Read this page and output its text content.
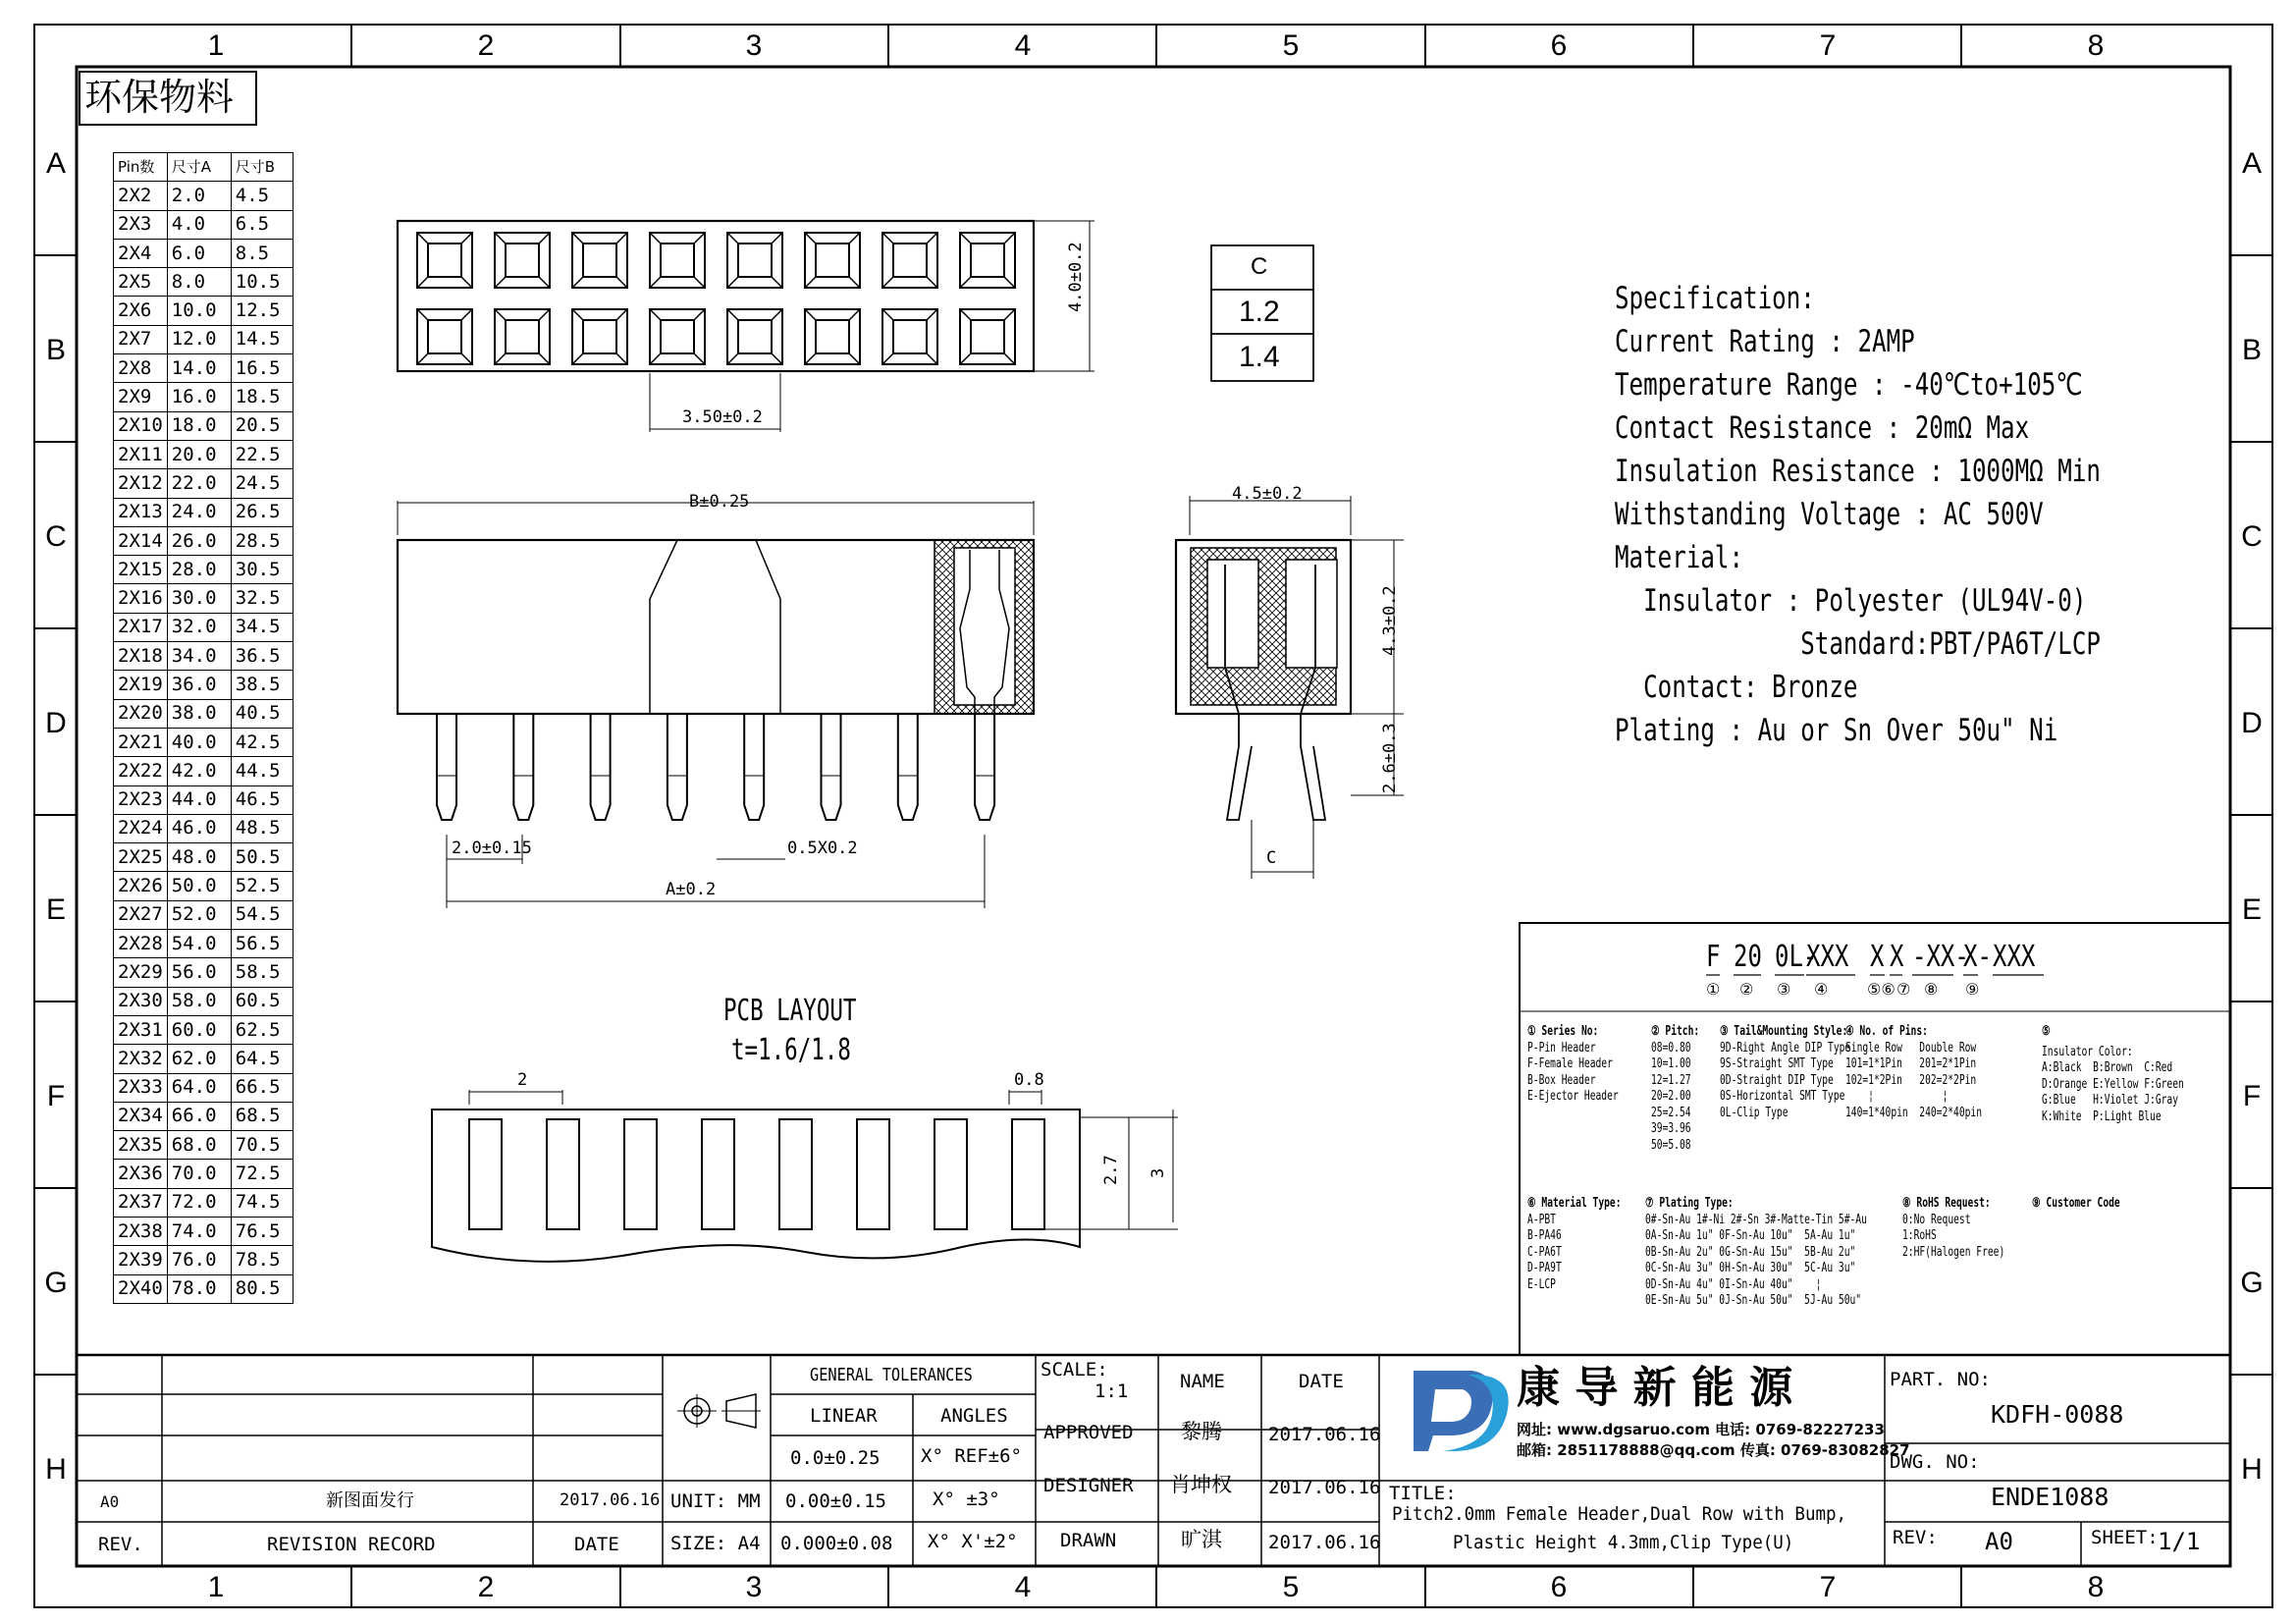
1	2	3	4	5	6	7	8
1	2	3	4	5	6	7	8
A
B
C
D
E
F
G
H
A
B
C
D
E
F
G
H
环保物料
Pin数	尺寸A	尺寸B
2X2	2.0	4.5
2X3	4.0	6.5
2X4	6.0	8.5
2X5	8.0	10.5
2X6	10.0	12.5
2X7	12.0	14.5
2X8	14.0	16.5
2X9	16.0	18.5
2X10	18.0	20.5
2X11	20.0	22.5
2X12	22.0	24.5
2X13	24.0	26.5
2X14	26.0	28.5
2X15	28.0	30.5
2X16	30.0	32.5
2X17	32.0	34.5
2X18	34.0	36.5
2X19	36.0	38.5
2X20	38.0	40.5
2X21	40.0	42.5
2X22	42.0	44.5
2X23	44.0	46.5
2X24	46.0	48.5
2X25	48.0	50.5
2X26	50.0	52.5
2X27	52.0	54.5
2X28	54.0	56.5
2X29	56.0	58.5
2X30	58.0	60.5
2X31	60.0	62.5
2X32	62.0	64.5
2X33	64.0	66.5
2X34	66.0	68.5
2X35	68.0	70.5
2X36	70.0	72.5
2X37	72.0	74.5
2X38	74.0	76.5
2X39	76.0	78.5
2X40	78.0	80.5
4.0±0.2
3.50±0.2
B±0.25	4.5±0.2
4.3±0.2
2.6±0.3
C
2.0±0.15	0.5X0.2
A±0.2
2	0.8
2.7 3
C
1.2
1.4
PCB LAYOUT
t=1.6/1.8
Specification:
Current Rating : 2AMP
Temperature Range : -40℃to+105℃
Contact Resistance : 20mΩ Max
Insulation Resistance : 1000MΩ Min
Withstanding Voltage : AC 500V
Material:
Insulator : Polyester (UL94V-0)
Standard:PBT/PA6T/LCP
Contact: Bronze
Plating : Au or Sn Over 50u" Ni
F 20 0L-
XXX X X -XX-
X- XXX
① ② ③ ④ ⑤⑥ ⑦ ⑧ ⑨
① Series No:
P-Pin Header
F-Female Header
B-Box Header
E-Ejector Header
② Pitch:
08=0.80
10=1.00
12=1.27
20=2.00
25=2.54
39=3.96
50=5.08
③ Tail&Mounting Style:
9D-Right Angle DIP Type
9S-Straight SMT Type
0D-Straight DIP Type
0S-Horizontal SMT Type
0L-Clip Type
④ No. of Pins:
Single Row   Double Row
101=1*1Pin   201=2*1Pin
102=1*2Pin   202=2*2Pin
¦            ¦
140=1*40pin  240=2*40pin
⑤
Insulator Color:
A:Black  B:Brown  C:Red
D:Orange E:Yellow F:Green
G:Blue   H:Violet J:Gray
K:White  P:Light Blue
⑥ Material Type:
A-PBT
B-PA46
C-PA6T
D-PA9T
E-LCP
⑦ Plating Type:
0#-Sn-Au 1#-Ni 2#-Sn 3#-Matte-Tin 5#-Au
0A-Sn-Au 1u" 0F-Sn-Au 10u"  5A-Au 1u"
0B-Sn-Au 2u" 0G-Sn-Au 15u"  5B-Au 2u"
0C-Sn-Au 3u" 0H-Sn-Au 30u"  5C-Au 3u"
0D-Sn-Au 4u" 0I-Sn-Au 40u"    ¦
0E-Sn-Au 5u" 0J-Sn-Au 50u"  5J-Au 50u"
⑧ RoHS Request:
0:No Request
1:RoHS
2:HF(Halogen Free)
⑨ Customer Code
GENERAL TOLERANCES
LINEAR	ANGLES
0.0±0.25 X° REF±6°
0.00±0.15 X° ±3°
0.000±0.08 X° X'±2°
UNIT: MM
SIZE: A4
SCALE:
1:1	NAME	DATE
APPROVED 黎腾 2017.06.16
DESIGNER 肖坤权 2017.06.16
DRAWN	旷淇 2017.06.16
康 导 新 能 源
网址: www.dgsaruo.com 电话: 0769-82227233
邮箱: 2851178888@qq.com 传真: 0769-83082827
TITLE:
Pitch2.0mm Female Header,Dual Row with Bump,
Plastic Height 4.3mm,Clip Type(U)
PART. NO:
KDFH-0088
DWG. NO:
ENDE1088
REV: A0	SHEET: 1/1
A0	新图面发行	2017.06.16
REV.	REVISION RECORD	DATE
